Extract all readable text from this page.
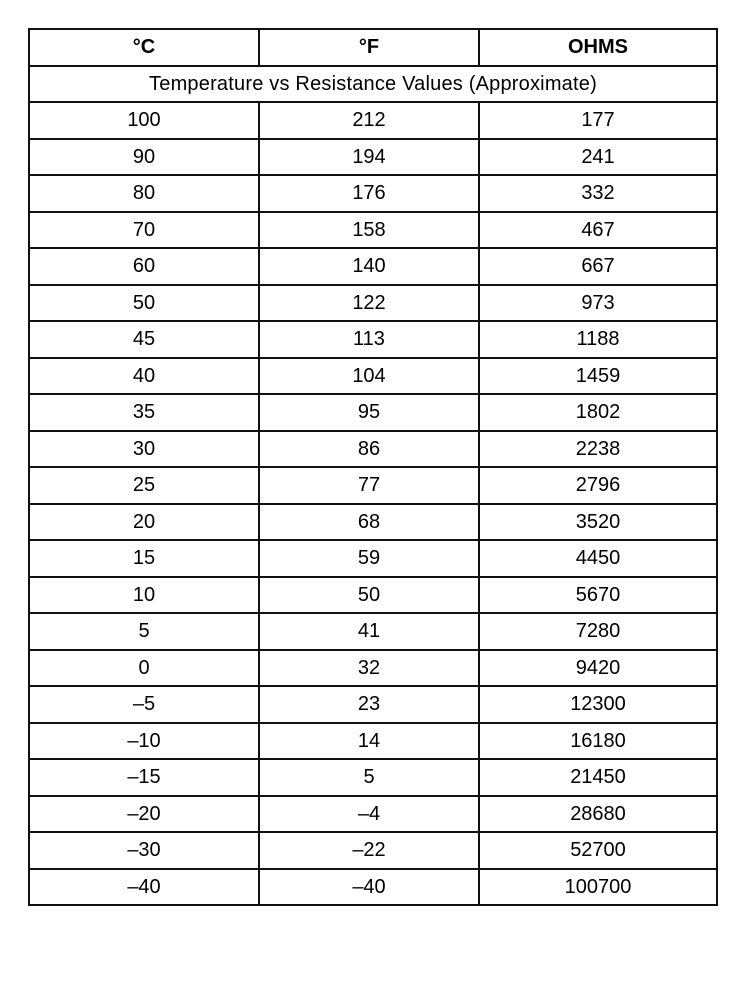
°C	°F	OHMS
Temperature vs Resistance Values (Approximate)		
100	212	177
90	194	241
80	176	332
70	158	467
60	140	667
50	122	973
45	113	1188
40	104	1459
35	95	1802
30	86	2238
25	77	2796
20	68	3520
15	59	4450
10	50	5670
5	41	7280
0	32	9420
–5	23	12300
–10	14	16180
–15	5	21450
–20	–4	28680
–30	–22	52700
–40	–40	100700
